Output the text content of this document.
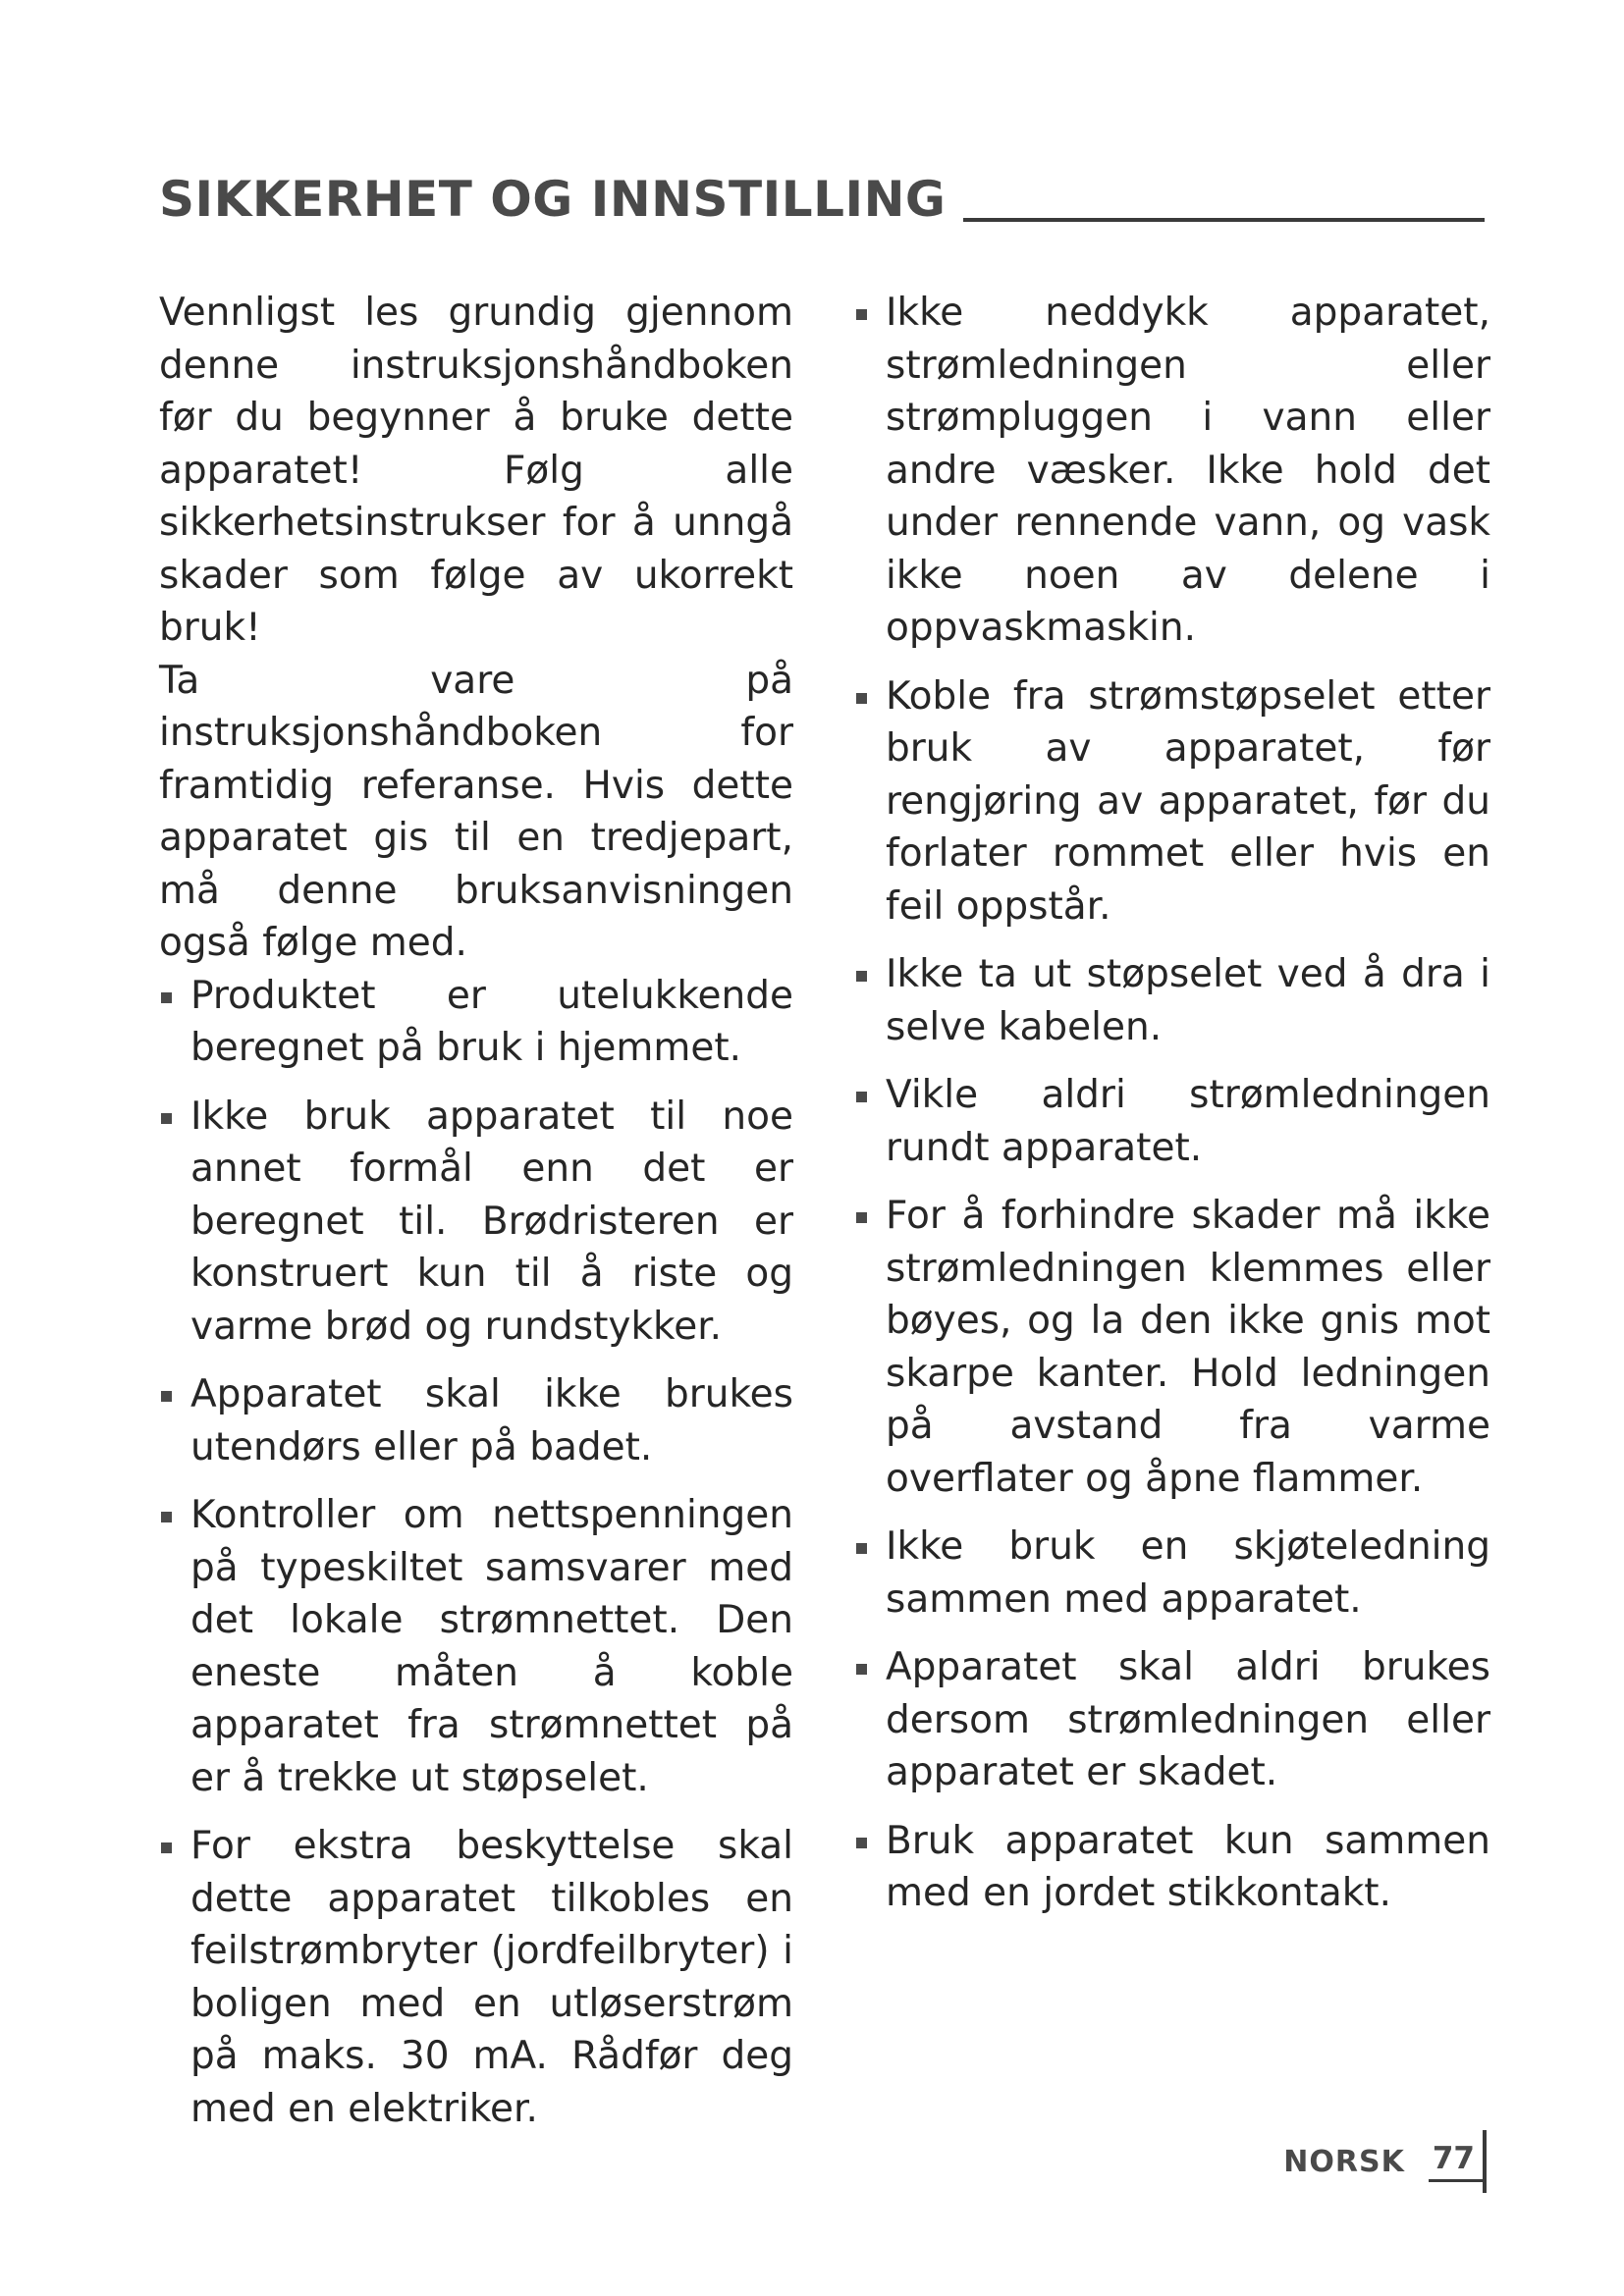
SIKKERHET OG INNSTILLING

Vennligst les grundig gjennom denne instruksjonshåndboken før du begynner å bruke dette apparatet! Følg alle sikkerhetsinstrukser for å unngå skader som følge av ukorrekt bruk!

Ta vare på instruksjonshåndboken for framtidig referanse. Hvis dette apparatet gis til en tredjepart, må denne bruksanvisningen også følge med.

Produktet er utelukkende beregnet på bruk i hjemmet.
Ikke bruk apparatet til noe annet formål enn det er beregnet til. Brødristeren er konstruert kun til å riste og varme brød og rundstykker.
Apparatet skal ikke brukes utendørs eller på badet.
Kontroller om nettspenningen på typeskiltet samsvarer med det lokale strømnettet. Den eneste måten å koble apparatet fra strømnettet på er å trekke ut støpselet.
For ekstra beskyttelse skal dette apparatet tilkobles en feilstrømbryter (jordfeilbryter) i boligen med en utløserstrøm på maks. 30 mA. Rådfør deg med en elektriker.
Ikke neddykk apparatet, strømledningen eller strømpluggen i vann eller andre væsker. Ikke hold det under rennende vann, og vask ikke noen av delene i oppvaskmaskin.
Koble fra strømstøpselet etter bruk av apparatet, før rengjøring av apparatet, før du forlater rommet eller hvis en feil oppstår.
Ikke ta ut støpselet ved å dra i selve kabelen.
Vikle aldri strømledningen rundt apparatet.
For å forhindre skader må ikke strømledningen klemmes eller bøyes, og la den ikke gnis mot skarpe kanter. Hold ledningen på avstand fra varme overflater og åpne flammer.
Ikke bruk en skjøteledning sammen med apparatet.
Apparatet skal aldri brukes dersom strømledningen eller apparatet er skadet.
Bruk apparatet kun sammen med en jordet stikkontakt.
NORSK 77
